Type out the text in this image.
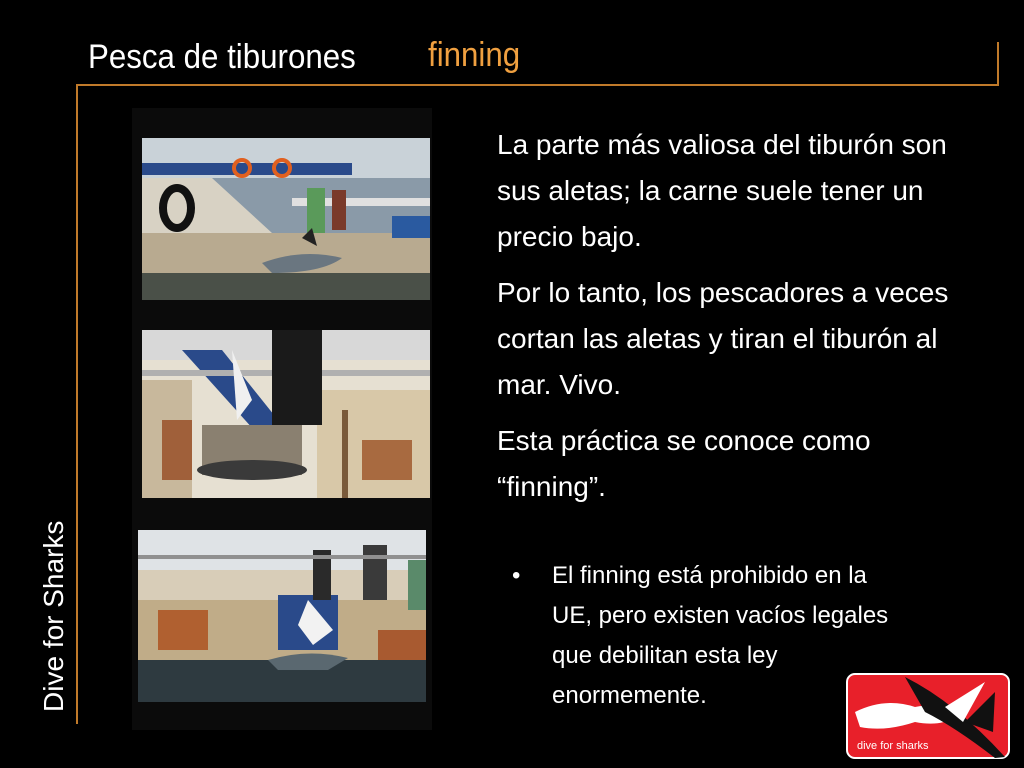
Pesca de tiburones finning
Dive for Sharks

La parte más valiosa del tiburón son sus aletas; la carne suele tener un precio bajo.

Por lo tanto, los pescadores a veces cortan las aletas y tiran el tiburón al mar. Vivo.

Esta práctica se conoce como “finning”.

• El finning está prohibido en la UE, pero existen vacíos legales que debilitan esta ley enormemente.
dive for sharks
